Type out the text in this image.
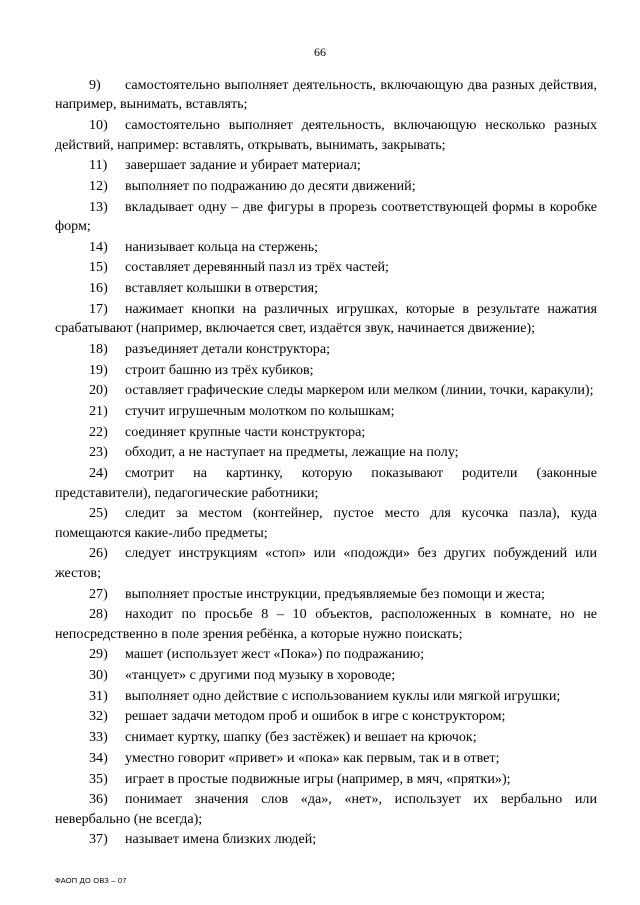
66

9) самостоятельно выполняет деятельность, включающую два разных действия, например, вынимать, вставлять;

10) самостоятельно выполняет деятельность, включающую несколько разных действий, например: вставлять, открывать, вынимать, закрывать;

11) завершает задание и убирает материал;

12) выполняет по подражанию до десяти движений;

13) вкладывает одну – две фигуры в прорезь соответствующей формы в коробке форм;

14) нанизывает кольца на стержень;

15) составляет деревянный пазл из трёх частей;

16) вставляет колышки в отверстия;

17) нажимает кнопки на различных игрушках, которые в результате нажатия срабатывают (например, включается свет, издаётся звук, начинается движение);

18) разъединяет детали конструктора;

19) строит башню из трёх кубиков;

20) оставляет графические следы маркером или мелком (линии, точки, каракули);

21) стучит игрушечным молотком по колышкам;

22) соединяет крупные части конструктора;

23) обходит, а не наступает на предметы, лежащие на полу;

24) смотрит на картинку, которую показывают родители (законные представители), педагогические работники;

25) следит за местом (контейнер, пустое место для кусочка пазла), куда помещаются какие-либо предметы;

26) следует инструкциям «стоп» или «подожди» без других побуждений или жестов;

27) выполняет простые инструкции, предъявляемые без помощи и жеста;

28) находит по просьбе 8 – 10 объектов, расположенных в комнате, но не непосредственно в поле зрения ребёнка, а которые нужно поискать;

29) машет (использует жест «Пока») по подражанию;

30) «танцует» с другими под музыку в хороводе;

31) выполняет одно действие с использованием куклы или мягкой игрушки;

32) решает задачи методом проб и ошибок в игре с конструктором;

33) снимает куртку, шапку (без застёжек) и вешает на крючок;

34) уместно говорит «привет» и «пока» как первым, так и в ответ;

35) играет в простые подвижные игры (например, в мяч, «прятки»);

36) понимает значения слов «да», «нет», использует их вербально или невербально (не всегда);

37) называет имена близких людей;

ФАОП ДО ОВЗ – 07
